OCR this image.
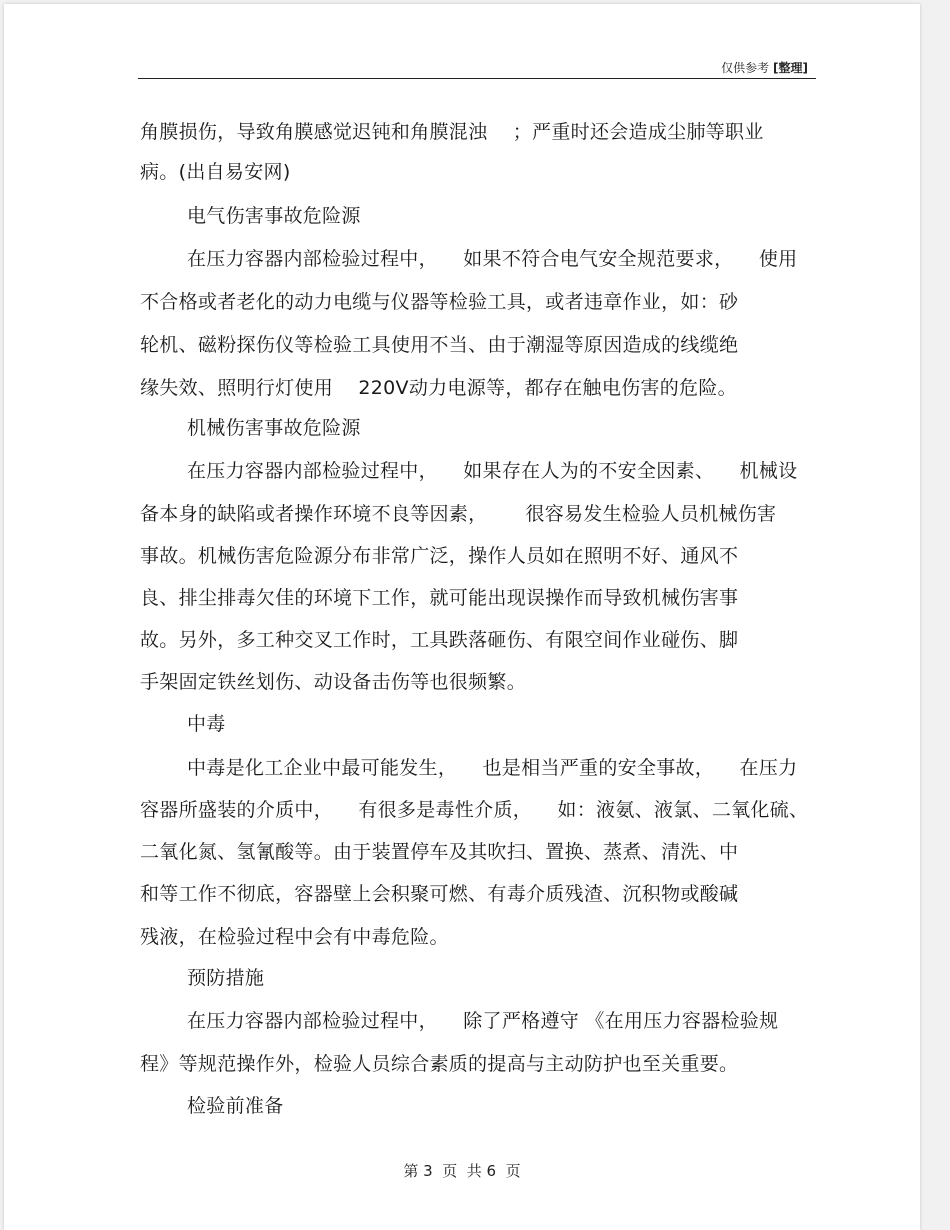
仅供参考 [整理]
角膜损伤，导致角膜感觉迟钝和角膜混浊    ；严重时还会造成尘肺等职业
病。(出自易安网)
电气伤害事故危险源
在压力容器内部检验过程中，    如果不符合电气安全规范要求，    使用
不合格或者老化的动力电缆与仪器等检验工具，或者违章作业，如：砂
轮机、磁粉探伤仪等检验工具使用不当、由于潮湿等原因造成的线缆绝
缘失效、照明行灯使用    220V动力电源等，都存在触电伤害的危险。
机械伤害事故危险源
在压力容器内部检验过程中，    如果存在人为的不安全因素、    机械设
备本身的缺陷或者操作环境不良等因素，      很容易发生检验人员机械伤害
事故。机械伤害危险源分布非常广泛，操作人员如在照明不好、通风不
良、排尘排毒欠佳的环境下工作，就可能出现误操作而导致机械伤害事
故。另外，多工种交叉工作时，工具跌落砸伤、有限空间作业碰伤、脚
手架固定铁丝划伤、动设备击伤等也很频繁。
中毒
中毒是化工企业中最可能发生，    也是相当严重的安全事故，    在压力
容器所盛装的介质中，    有很多是毒性介质，    如：液氨、液氯、二氧化硫、
二氧化氮、氢氰酸等。由于装置停车及其吹扫、置换、蒸煮、清洗、中
和等工作不彻底，容器壁上会积聚可燃、有毒介质残渣、沉积物或酸碱
残液，在检验过程中会有中毒危险。
预防措施
在压力容器内部检验过程中，    除了严格遵守 《在用压力容器检验规
程》等规范操作外，检验人员综合素质的提高与主动防护也至关重要。
检验前准备
第 3  页  共 6  页
